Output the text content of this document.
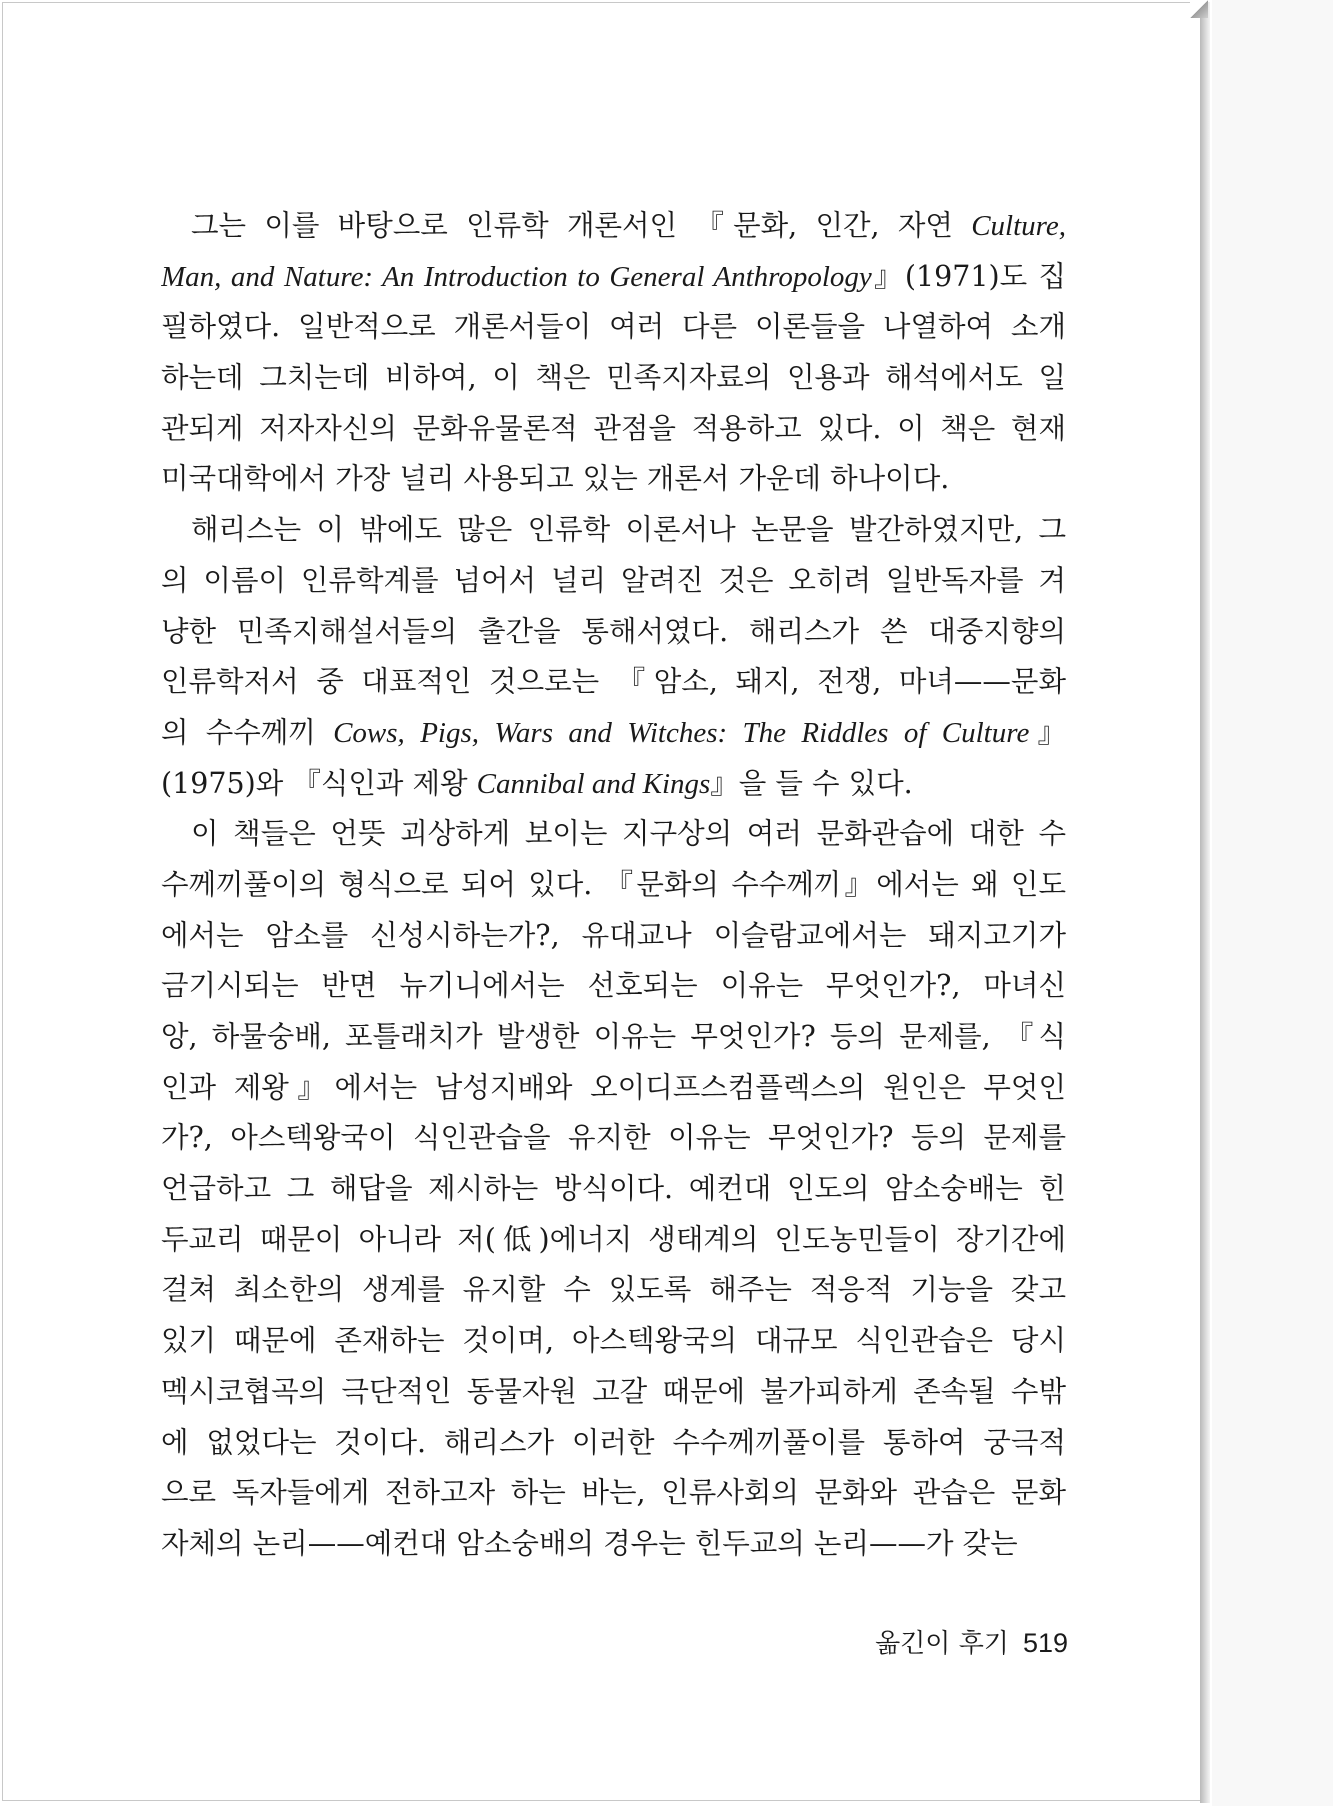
그는 이를 바탕으로 인류학 개론서인 『문화, 인간, 자연 Culture,
Man, and Nature: An Introduction to General Anthropology』(1971)도 집
필하였다. 일반적으로 개론서들이 여러 다른 이론들을 나열하여 소개
하는데 그치는데 비하여, 이 책은 민족지자료의 인용과 해석에서도 일
관되게 저자자신의 문화유물론적 관점을 적용하고 있다. 이 책은 현재
미국대학에서 가장 널리 사용되고 있는 개론서 가운데 하나이다.
해리스는 이 밖에도 많은 인류학 이론서나 논문을 발간하였지만, 그
의 이름이 인류학계를 넘어서 널리 알려진 것은 오히려 일반독자를 겨
냥한 민족지해설서들의 출간을 통해서였다. 해리스가 쓴 대중지향의
인류학저서 중 대표적인 것으로는 『암소, 돼지, 전쟁, 마녀——문화
의 수수께끼 Cows, Pigs, Wars and Witches: The Riddles of Culture』
(1975)와 『식인과 제왕 Cannibal and Kings』을 들 수 있다.
이 책들은 언뜻 괴상하게 보이는 지구상의 여러 문화관습에 대한 수
수께끼풀이의 형식으로 되어 있다. 『문화의 수수께끼』에서는 왜 인도
에서는 암소를 신성시하는가?, 유대교나 이슬람교에서는 돼지고기가
금기시되는 반면 뉴기니에서는 선호되는 이유는 무엇인가?, 마녀신
앙, 하물숭배, 포틀래치가 발생한 이유는 무엇인가? 등의 문제를, 『식
인과 제왕』에서는 남성지배와 오이디프스컴플렉스의 원인은 무엇인
가?, 아스텍왕국이 식인관습을 유지한 이유는 무엇인가? 등의 문제를
언급하고 그 해답을 제시하는 방식이다. 예컨대 인도의 암소숭배는 힌
두교리 때문이 아니라 저(低)에너지 생태계의 인도농민들이 장기간에
걸쳐 최소한의 생계를 유지할 수 있도록 해주는 적응적 기능을 갖고
있기 때문에 존재하는 것이며, 아스텍왕국의 대규모 식인관습은 당시
멕시코협곡의 극단적인 동물자원 고갈 때문에 불가피하게 존속될 수밖
에 없었다는 것이다. 해리스가 이러한 수수께끼풀이를 통하여 궁극적
으로 독자들에게 전하고자 하는 바는, 인류사회의 문화와 관습은 문화
자체의 논리——예컨대 암소숭배의 경우는 힌두교의 논리——가 갖는
옮긴이 후기 519
